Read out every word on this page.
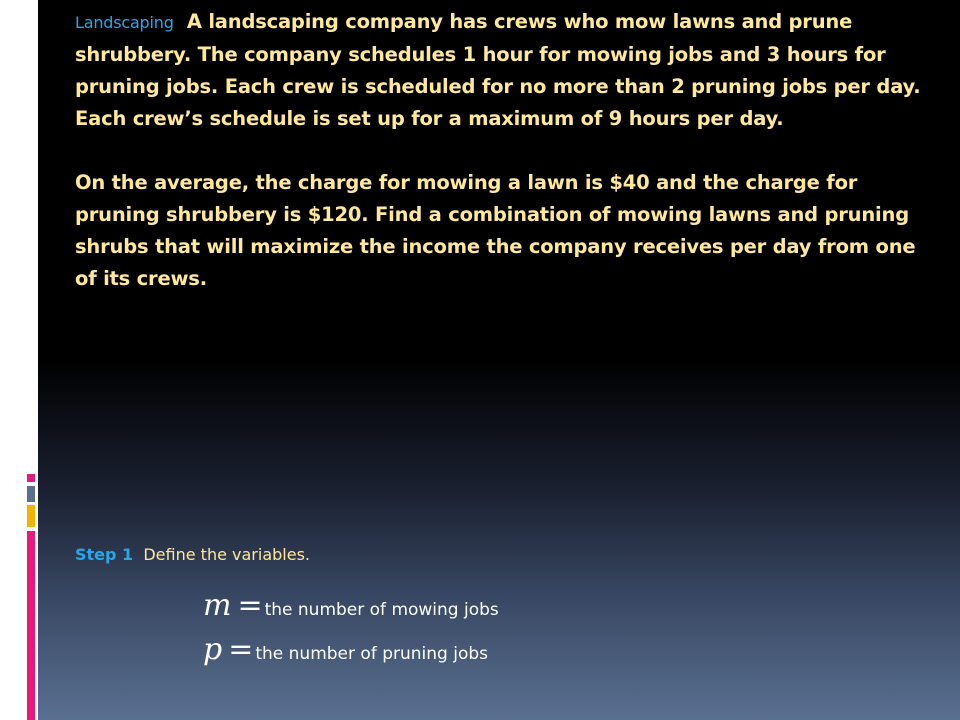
Landscaping A landscaping company has crews who mow lawns and prune shrubbery. The company schedules 1 hour for mowing jobs and 3 hours for pruning jobs. Each crew is scheduled for no more than 2 pruning jobs per day. Each crew’s schedule is set up for a maximum of 9 hours per day.

On the average, the charge for mowing a lawn is $40 and the charge for pruning shrubbery is $120. Find a combination of mowing lawns and pruning shrubs that will maximize the income the company receives per day from one of its crews.

Step 1 Define the variables.
m = the number of mowing jobs
p = the number of pruning jobs
